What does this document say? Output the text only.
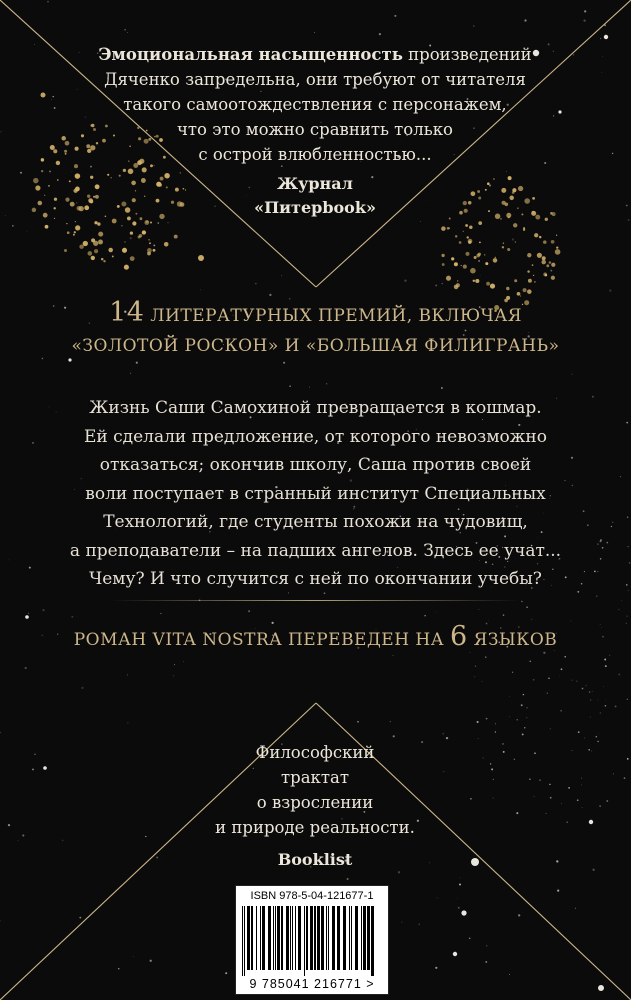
Эмоциональная насыщенность произведений
Дяченко запредельна, они требуют от читателя
такого самоотождествления с персонажем,
что это можно сравнить только
с острой влюбленностью...
Журнал
«Питерbook»
14 ЛИТЕРАТУРНЫХ ПРЕМИЙ, ВКЛЮЧАЯ
«ЗОЛОТОЙ РОСКОН» И «БОЛЬШАЯ ФИЛИГРАНЬ»
Жизнь Саши Самохиной превращается в кошмар.
Ей сделали предложение, от которого невозможно
отказаться; окончив школу, Саша против своей
воли поступает в странный институт Специальных
Технологий, где студенты похожи на чудовищ,
а преподаватели – на падших ангелов. Здесь ее учат...
Чему? И что случится с ней по окончании учебы?
РОМАН VITA NOSTRA ПЕРЕВЕДЕН НА 6 ЯЗЫКОВ
Философский
трактат
о взрослении
и природе реальности.
Booklist
ISBN 978-5-04-121677-1
9 785041 216771 >
